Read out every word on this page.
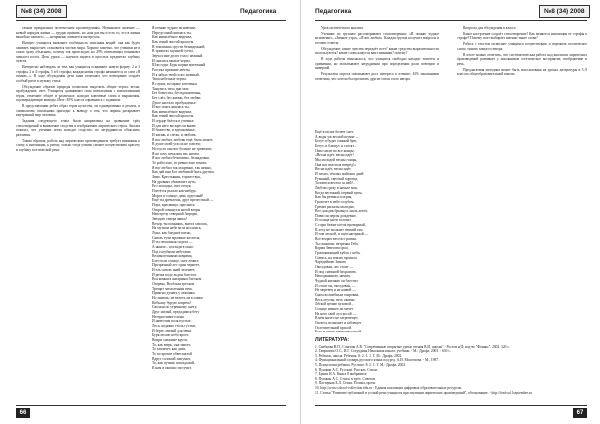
№8 (34) 2008	Педагогика

самым прекрасным поэтическим произведениям. Незнакомое явление — новый порядок жизни — трудно принять, но «как раз вы и есть то, что в жизни вашей не хватает», — неприязнь сменяется интересом.

Интерес учащихся вызывает особенность описания вещей: она как будто оживает, вырастает, становится частью мира. Хорошо заметно, что ученики не в силах сразу объяснить, почему так происходит, но 29% отвечающих понимают замысел поэта. Цель урока — научить видеть в простых предметах глубину чувств.

Интересно наблюдать за тем, как учащиеся осваивают новую форму: 2 и 3 строфы, 2 и 4 строфы, 5 и 6 строфы; каждая новая строфа начинается со слов «Я помню...». В ходе обсуждения дети сами отмечают, что повторение создаёт особый ритм и музыку стиха.

Обсуждение образов природы позволило выделить общие черты: весна, пробуждение, свет. Учащиеся сравнивают свои впечатления с впечатлениями героя, отмечают общее и различное, находят ключевые слова и выражения, подтверждающие выводы. Итог: 85% класса справились с заданием.

В представлении ребят образ героя целостен, он одновременно и реален, и символичен; школьники приходят к выводу о том, что лирика раскрывает внутренний мир человека.

Задания следующего этапа были направлены на сравнение трёх стихотворений и выявление сходства в изображении лирического героя. Анализ показал, что ученики легко находят сходство, но затрудняются объяснить различия.

Таким образом, работа над лирическим произведением требует внимания к слову, к интонации, к ритму; только тогда ученик сможет почувствовать красоту и глубину поэтической речи.

Я помню чудное мгновенье:
Передо мной явилась ты,
Как мимолётное виденье,
Как гений чистой красоты.
В томленьях грусти безнадежной,
В тревогах шумной суеты,
Звучал мне долго голос нежный
И снились милые черты.
Шли годы. Бурь порыв мятежный
Рассеял прежние мечты,
И я забыл твой голос нежный,
Твои небесные черты.
В глуши, во мраке заточенья
Тянулись тихо дни мои
Без божества, без вдохновенья,
Без слёз, без жизни, без любви.
Душе настало пробужденье:
И вот опять явилась ты,
Как мимолётное виденье,
Как гений чистой красоты.
И сердце бьётся в упоенье,
И для него воскресли вновь
И божество, и вдохновенье,
И жизнь, и слёзы, и любовь.
Я вас любил: любовь ещё, быть может,
В душе моей угасла не совсем;
Но пусть она вас больше не тревожит;
Я не хочу печалить вас ничем.
Я вас любил безмолвно, безнадежно,
То робостью, то ревностью томим;
Я вас любил так искренно, так нежно,
Как дай вам Бог любимой быть другим.
Зима. Крестьянин, торжествуя,
На дровнях обновляет путь;
Его лошадка, снег почуя,
Плетётся рысью как-нибудь.
Мороз и солнце; день чудесный!
Ещё ты дремлешь, друг прелестный —
Пора, красавица, проснись:
Открой сомкнуты негой взоры
Навстречу северной Авроры,
Звездою севера явись!
Вечор, ты помнишь, вьюга злилась,
На мутном небе мгла носилась;
Луна, как бледное пятно,
Сквозь тучи мрачные желтела,
И ты печальная сидела —
А нынче... погляди в окно:
Под голубыми небесами
Великолепными коврами,
Блестя на солнце, снег лежит;
Прозрачный лес один чернеет,
И ель сквозь иней зеленеет,
И речка подо льдом блестит.
Вся комната янтарным блеском
Озарена. Весёлым треском
Трещит затопленная печь.
Приятно думать у лежанки.
Но знаешь: не велеть ли в санки
Кобылку бурую запречь?
Скользя по утреннему снегу,
Друг милый, предадимся бегу
Нетерпеливого коня
И навестим поля пустые,
Леса, недавно столь густые,
И берег, милый для меня.
Буря мглою небо кроет,
Вихри снежные крутя;
То, как зверь, она завоет,
То заплачет, как дитя,
То по кровле обветшалой
Вдруг соломой зашумит,
То, как путник запоздалый,
К нам в окошко застучит.
66
Педагогика	№8 (34) 2008

Урок поэтического анализа.

Ученики по группам рассматривают стихотворения: «Я помню чудное мгновенье», «Зимнее утро», «Я вас любил». Каждая группа получает вопросы и готовит ответы.

Обсуждение: какие чувства передаёт поэт? какие средства выразительности используются? какие слова кажутся вам главными? почему?

В ходе работы выяснилось, что учащиеся свободно находят эпитеты и сравнения, но испытывают затруднения при определении роли повторов и инверсий.

Результаты опроса показывают рост интереса к чтению: 43% школьников отметили, что хотели бы прочитать другие стихи этого автора.

Ещё в полях белеет снег,
А воды уж весной шумят —
Бегут и будят сонный брег,
Бегут, и блещут, и гласят...
Они гласят во все концы:
«Весна идёт, весна идёт!
Мы молодой весны гонцы,
Она нас выслала вперёд!»
Весна идёт, весна идёт,
И тихих, тёплых майских дней
Румяный, светлый хоровод
Толпится весело за ней!..
Люблю грозу в начале мая,
Когда весенний, первый гром,
Как бы резвяся и играя,
Грохочет в небе голубом.
Гремят раскаты молодые,
Вот дождик брызнул, пыль летит,
Повисли перлы дождевые,
И солнце нити золотит.
С горы бежит поток проворный,
В лесу не молкнет птичий гам,
И гам лесной, и шум нагорный —
Всё вторит весело громам.
Ты скажешь: ветреная Геба,
Кормя Зевесова орла,
Громокипящий кубок с неба,
Смеясь, на землю пролила.
Чародейкою Зимою
Околдован, лес стоит —
И под снежной бахромою,
Неподвижною, немою,
Чудной жизнью он блестит.
И стоит он, околдован, —
Не мертвец и не живой —
Сном волшебным очарован,
Весь опутан, весь окован
Лёгкой цепью пуховой...
Солнце зимнее ли мечет
На него свой луч косой —
В нём ничто не затрепещет,
Он весь вспыхнет и заблещет
Ослепительной красой.

Вопросы для обсуждения в классе.

Какое настроение создаёт стихотворение? Как меняется интонация от строфы к строфе? Почему поэт выбирает именно такие слова?

Работа с текстом позволяет учащимся почувствовать и пережить поэтическое слово, понять замысел автора.

В итоге можно отметить, что систематическая работа над анализом лирических произведений развивает у школьников эстетическое восприятие, воображение и речь.

Предлагаемая методика может быть использована на уроках литературы в 5–9 классах общеобразовательной школы.

ЛИТЕРАТУРА:
1. Снебкова В.П., Сонская А.В. "Современные открытые уроки чтения В.И. школы" - Ростов н/Д: изд-во "Феникс", 2002. 320 с.
2. Гаврилова О.С., И.Г. Сотрудник Начальная школа: учебник. - М.: Дрофа, 2003. - 630 с.
3. Ребенок, школа. Ребенок. 8: 2. 1. 1. Т. М.: Дрофа, 2002.
4. Функциональный словарь русского языка под ред. А.И. Молоткова. - М., 1987.
5. Психология ребенка. Русские: 8: 2. 1. Т. М.: Дрофа, 2002.
6. Пушкин А.С. Русские. Рассказ. Стихи.
7. Бунин И.А. Книга 8 выбранное.
8. Пушкин А.С. Стихи. в трёх. Советов.
9. Пастернак Б.Л. Стихи. Поэмы, проза.
10. http://www.school-collection.edu.ru - Единая коллекция цифровых образовательных ресурсов.
11. Статья "Развитие публичной и устной речи учащихся при изучении лирических произведений", обоснование. - http://festival.1september.ru
67
